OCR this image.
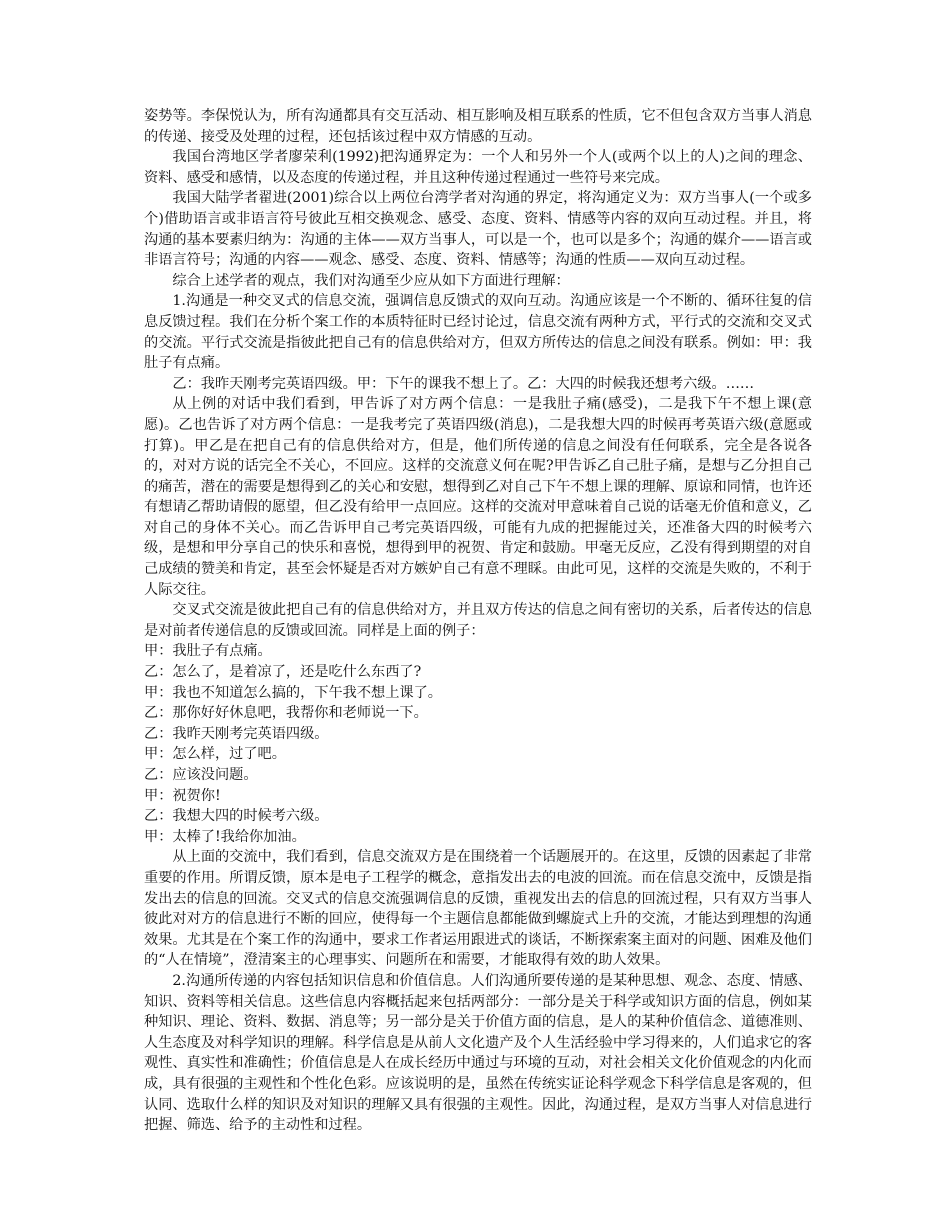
姿势等。李保悦认为，所有沟通都具有交互活动、相互影响及相互联系的性质，它不但包含双方当事人消息的传递、接受及处理的过程，还包括该过程中双方情感的互动。

我国台湾地区学者廖荣利(1992)把沟通界定为：一个人和另外一个人(或两个以上的人)之间的理念、资料、感受和感情，以及态度的传递过程，并且这种传递过程通过一些符号来完成。

我国大陆学者翟进(2001)综合以上两位台湾学者对沟通的界定，将沟通定义为：双方当事人(一个或多个)借助语言或非语言符号彼此互相交换观念、感受、态度、资料、情感等内容的双向互动过程。并且，将沟通的基本要素归纳为：沟通的主体——双方当事人，可以是一个，也可以是多个；沟通的媒介——语言或非语言符号；沟通的内容——观念、感受、态度、资料、情感等；沟通的性质——双向互动过程。

综合上述学者的观点，我们对沟通至少应从如下方面进行理解：

1.沟通是一种交叉式的信息交流，强调信息反馈式的双向互动。沟通应该是一个不断的、循环往复的信息反馈过程。我们在分析个案工作的本质特征时已经讨论过，信息交流有两种方式，平行式的交流和交叉式的交流。平行式交流是指彼此把自己有的信息供给对方，但双方所传达的信息之间没有联系。例如：甲：我肚子有点痛。

乙：我昨天刚考完英语四级。甲：下午的课我不想上了。乙：大四的时候我还想考六级。……

从上例的对话中我们看到，甲告诉了对方两个信息：一是我肚子痛(感受)，二是我下午不想上课(意愿)。乙也告诉了对方两个信息：一是我考完了英语四级(消息)，二是我想大四的时候再考英语六级(意愿或打算)。甲乙是在把自己有的信息供给对方，但是，他们所传递的信息之间没有任何联系，完全是各说各的，对对方说的话完全不关心，不回应。这样的交流意义何在呢?甲告诉乙自己肚子痛，是想与乙分担自己的痛苦，潜在的需要是想得到乙的关心和安慰，想得到乙对自己下午不想上课的理解、原谅和同情，也许还有想请乙帮助请假的愿望，但乙没有给甲一点回应。这样的交流对甲意味着自己说的话毫无价值和意义，乙对自己的身体不关心。而乙告诉甲自己考完英语四级，可能有九成的把握能过关，还准备大四的时候考六级，是想和甲分享自己的快乐和喜悦，想得到甲的祝贺、肯定和鼓励。甲毫无反应，乙没有得到期望的对自己成绩的赞美和肯定，甚至会怀疑是否对方嫉妒自己有意不理睬。由此可见，这样的交流是失败的，不利于人际交往。

交叉式交流是彼此把自己有的信息供给对方，并且双方传达的信息之间有密切的关系，后者传达的信息是对前者传递信息的反馈或回流。同样是上面的例子：

甲：我肚子有点痛。

乙：怎么了，是着凉了，还是吃什么东西了?

甲：我也不知道怎么搞的，下午我不想上课了。

乙：那你好好休息吧，我帮你和老师说一下。

乙：我昨天刚考完英语四级。

甲：怎么样，过了吧。

乙：应该没问题。

甲：祝贺你!

乙：我想大四的时候考六级。

甲：太棒了!我给你加油。

从上面的交流中，我们看到，信息交流双方是在围绕着一个话题展开的。在这里，反馈的因素起了非常重要的作用。所谓反馈，原本是电子工程学的概念，意指发出去的电波的回流。而在信息交流中，反馈是指发出去的信息的回流。交叉式的信息交流强调信息的反馈，重视发出去的信息的回流过程，只有双方当事人彼此对对方的信息进行不断的回应，使得每一个主题信息都能做到螺旋式上升的交流，才能达到理想的沟通效果。尤其是在个案工作的沟通中，要求工作者运用跟进式的谈话，不断探索案主面对的问题、困难及他们的“人在情境”，澄清案主的心理事实、问题所在和需要，才能取得有效的助人效果。

2.沟通所传递的内容包括知识信息和价值信息。人们沟通所要传递的是某种思想、观念、态度、情感、知识、资料等相关信息。这些信息内容概括起来包括两部分：一部分是关于科学或知识方面的信息，例如某种知识、理论、资料、数据、消息等；另一部分是关于价值方面的信息，是人的某种价值信念、道德准则、人生态度及对科学知识的理解。科学信息是从前人文化遗产及个人生活经验中学习得来的，人们追求它的客观性、真实性和准确性；价值信息是人在成长经历中通过与环境的互动，对社会相关文化价值观念的内化而成，具有很强的主观性和个性化色彩。应该说明的是，虽然在传统实证论科学观念下科学信息是客观的，但认同、选取什么样的知识及对知识的理解又具有很强的主观性。因此，沟通过程，是双方当事人对信息进行把握、筛选、给予的主动性和过程。
